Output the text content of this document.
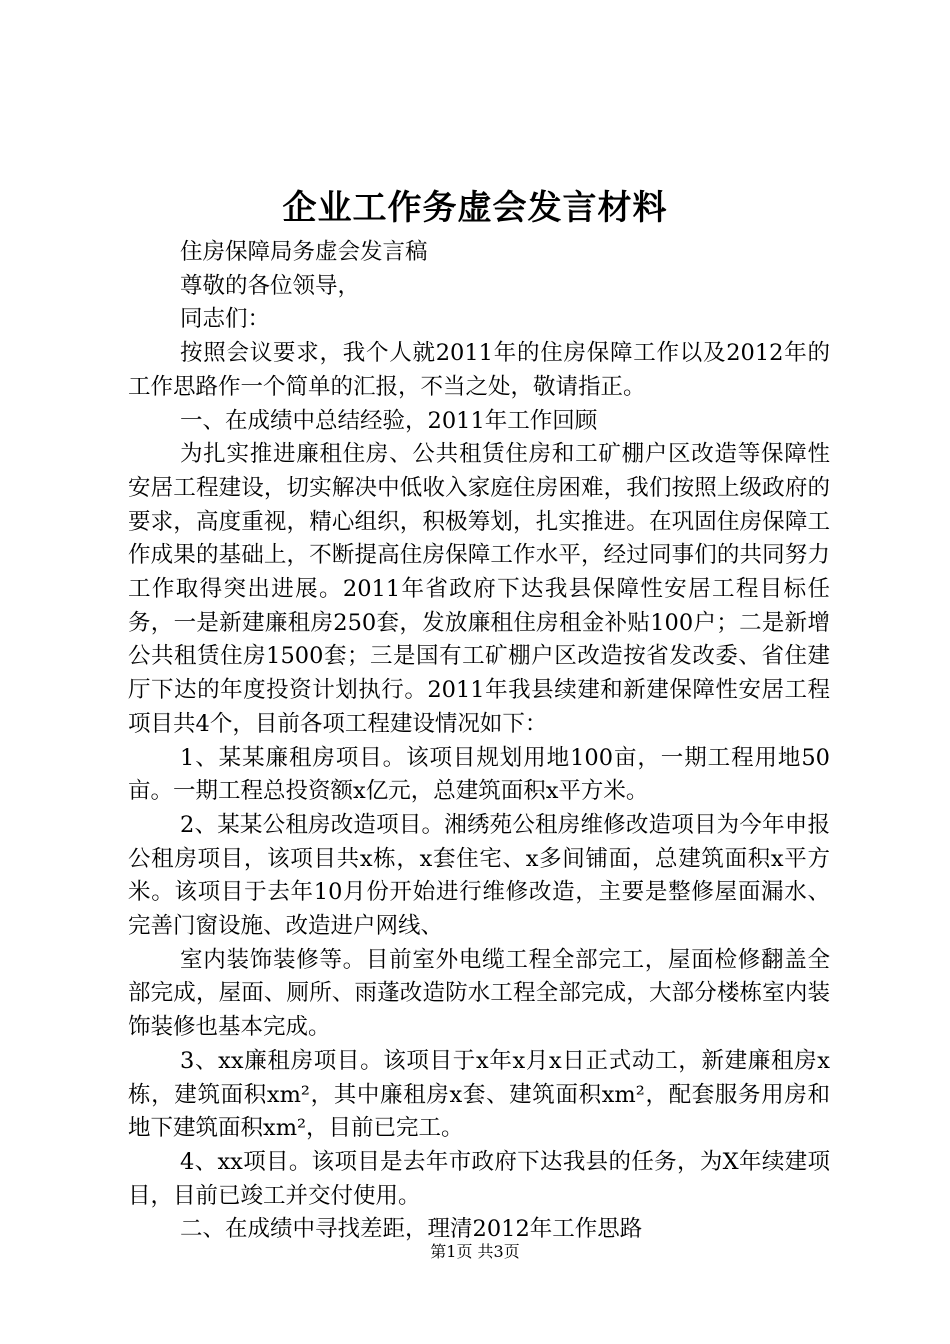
企业工作务虚会发言材料

住房保障局务虚会发言稿

尊敬的各位领导，

同志们：

按照会议要求，我个人就2011年的住房保障工作以及2012年的工作思路作一个简单的汇报，不当之处，敬请指正。

一、在成绩中总结经验，2011年工作回顾

为扎实推进廉租住房、公共租赁住房和工矿棚户区改造等保障性安居工程建设，切实解决中低收入家庭住房困难，我们按照上级政府的要求，高度重视，精心组织，积极筹划，扎实推进。在巩固住房保障工作成果的基础上，不断提高住房保障工作水平，经过同事们的共同努力工作取得突出进展。2011年省政府下达我县保障性安居工程目标任务，一是新建廉租房250套，发放廉租住房租金补贴100户；二是新增公共租赁住房1500套；三是国有工矿棚户区改造按省发改委、省住建厅下达的年度投资计划执行。2011年我县续建和新建保障性安居工程项目共4个，目前各项工程建设情况如下：

1、某某廉租房项目。该项目规划用地100亩，一期工程用地50亩。一期工程总投资额x亿元，总建筑面积x平方米。

2、某某公租房改造项目。湘绣苑公租房维修改造项目为今年申报公租房项目，该项目共x栋，x套住宅、x多间铺面，总建筑面积x平方米。该项目于去年10月份开始进行维修改造，主要是整修屋面漏水、完善门窗设施、改造进户网线、

室内装饰装修等。目前室外电缆工程全部完工，屋面检修翻盖全部完成，屋面、厕所、雨蓬改造防水工程全部完成，大部分楼栋室内装饰装修也基本完成。

3、xx廉租房项目。该项目于x年x月x日正式动工，新建廉租房x栋，建筑面积xm²，其中廉租房x套、建筑面积xm²，配套服务用房和地下建筑面积xm²，目前已完工。

4、xx项目。该项目是去年市政府下达我县的任务，为X年续建项目，目前已竣工并交付使用。

二、在成绩中寻找差距，理清2012年工作思路

第1页 共3页
